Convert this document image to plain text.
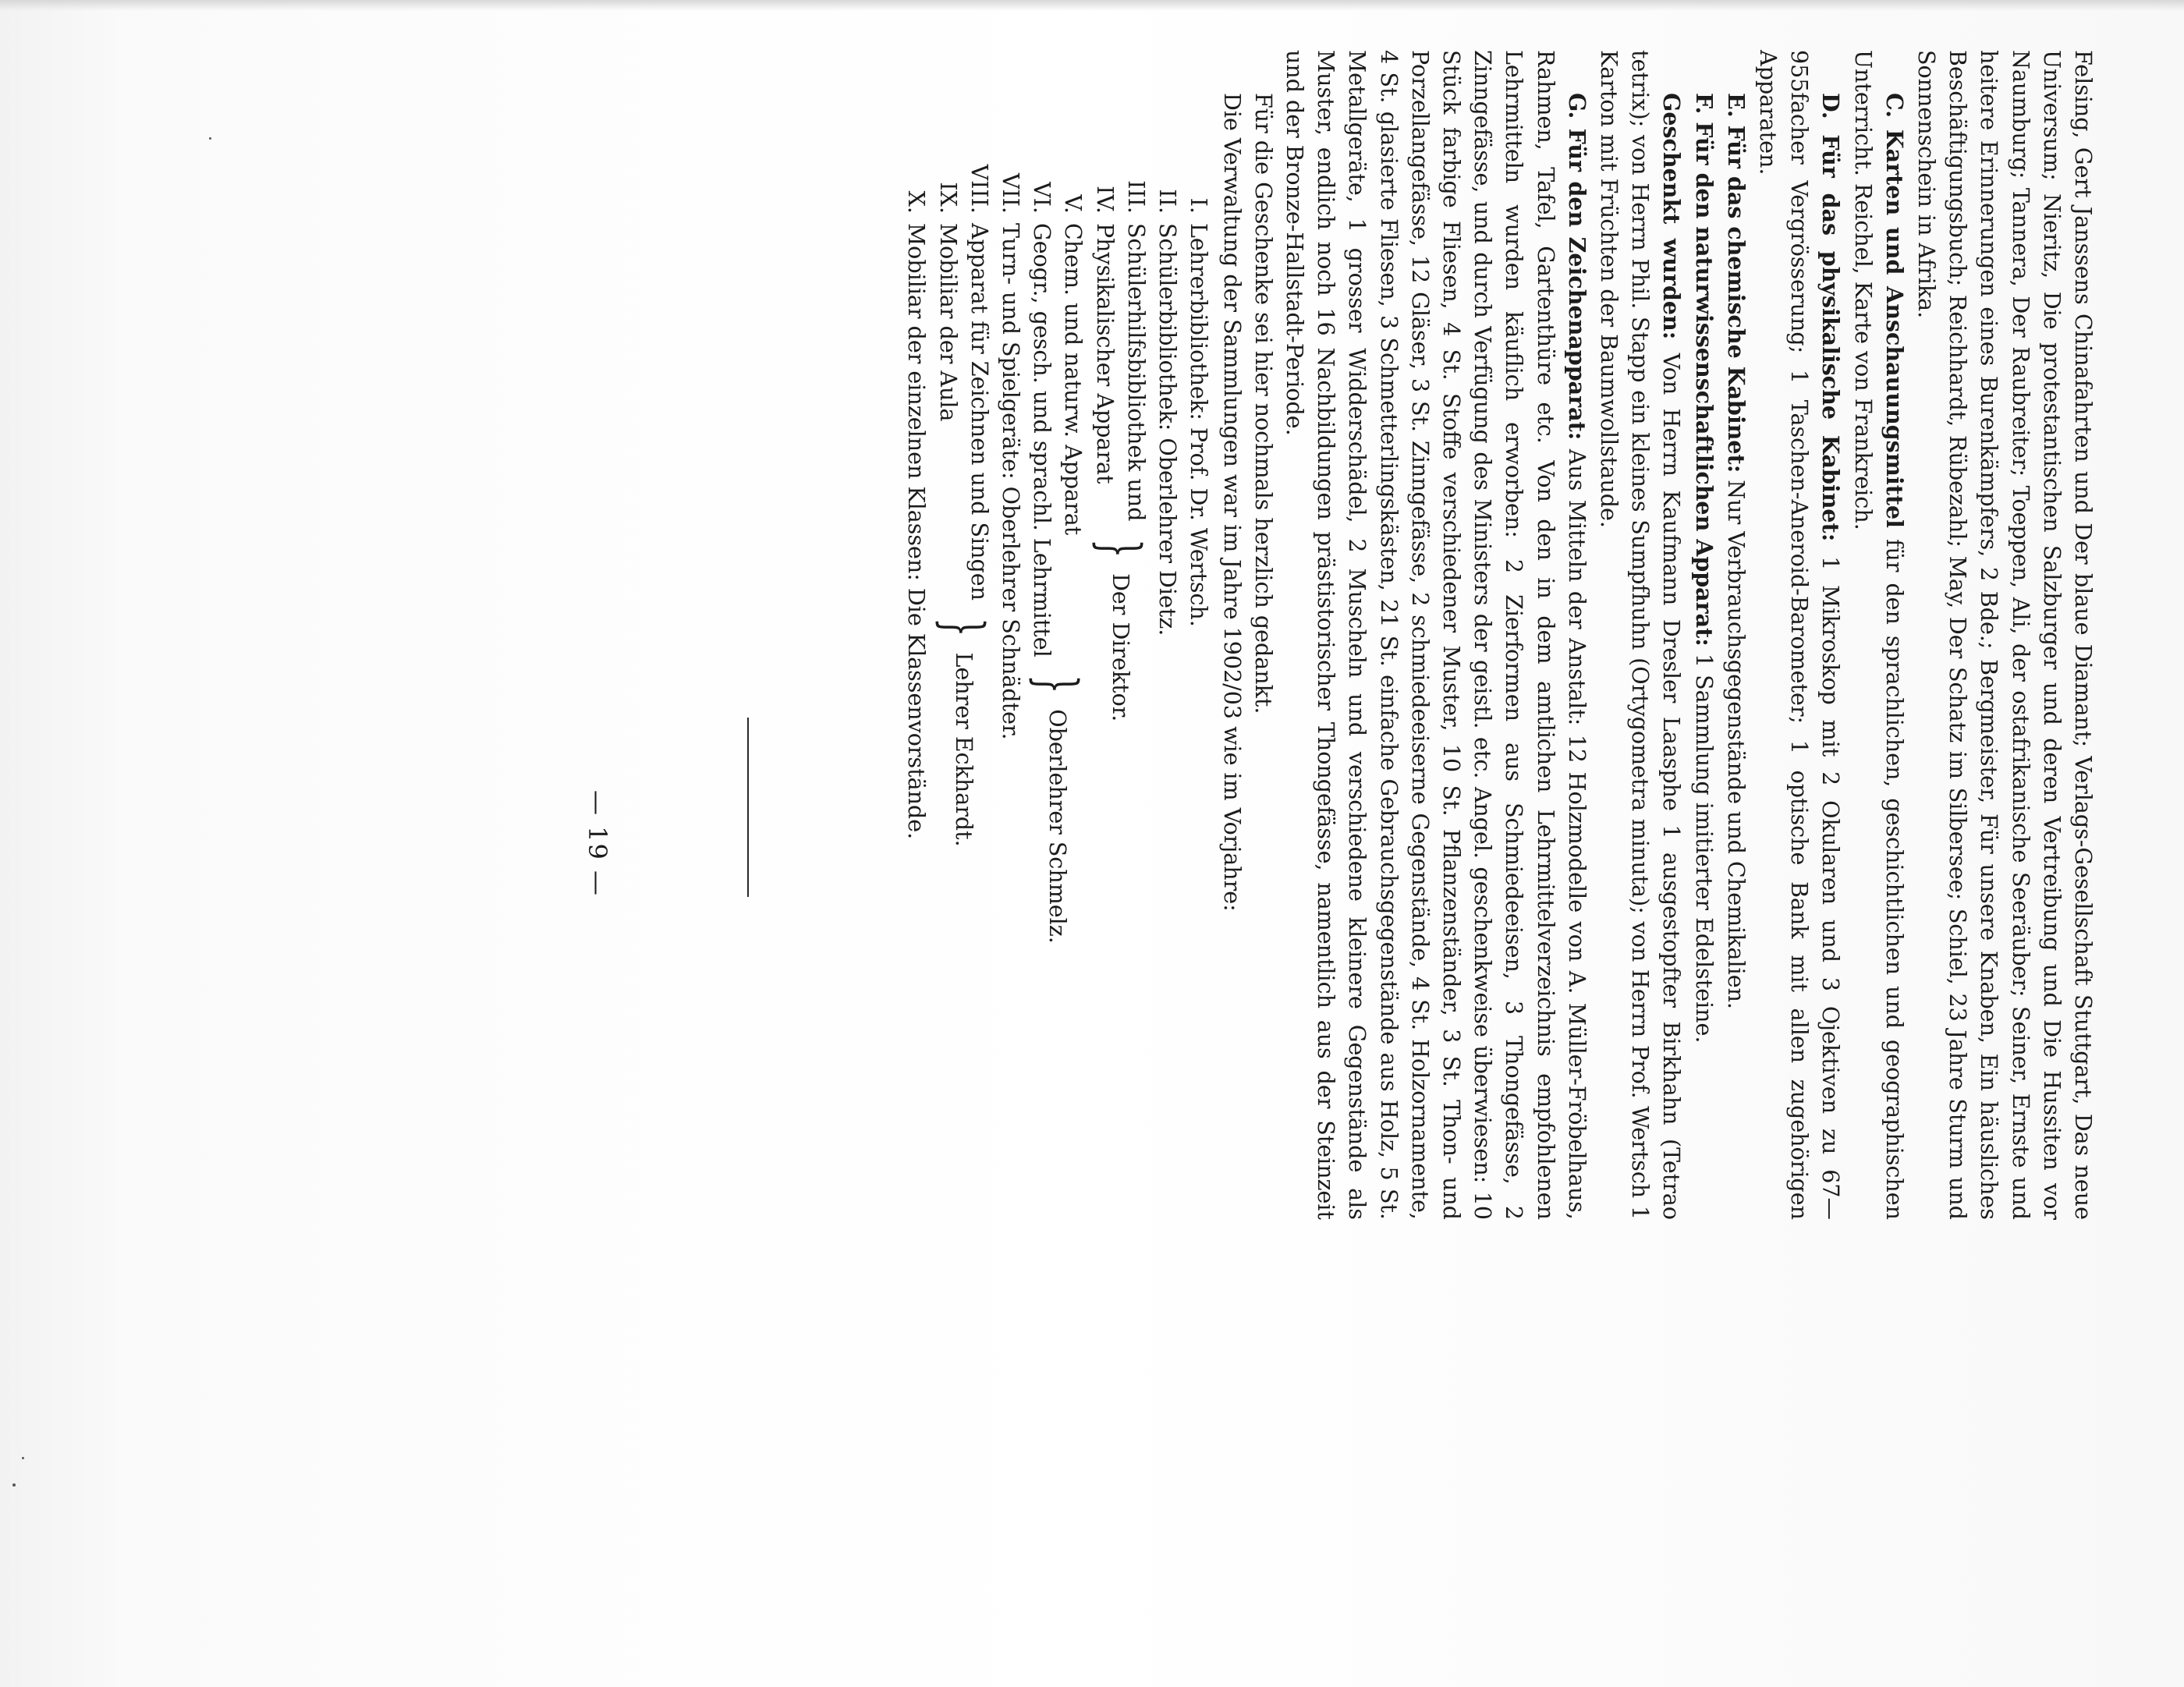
— 19 —	Felsing, Gert Janssens Chinafahrten und Der blaue Diamant; Verlags-Gesellschaft Stuttgart, Das neue Universum; Nieritz, Die protestantischen Salzburger und deren Vertreibung und Die Hussiten vor Naumburg; Tannera, Der Raubreiter; Toeppen, Ali, der ostafrikanische Seeräuber; Seiner, Ernste und heitere Erinnerungen eines Burenkämpfers, 2 Bde.; Bergmeister, Für unsere Knaben, Ein häusliches Beschäftigungsbuch; Reichhardt, Rübezahl; May, Der Schatz im Silbersee; Schiel, 23 Jahre Sturm und Sonnenschein in Afrika.

C. Karten und Anschauungsmittel für den sprachlichen, geschichtlichen und geographischen Unterricht. Reichel, Karte von Frankreich.

D. Für das physikalische Kabinet: 1 Mikroskop mit 2 Okularen und 3 Ojektiven zu 67—955facher Vergrösserung; 1 Taschen-Aneroid-Barometer; 1 optische Bank mit allen zugehörigen Apparaten.

E. Für das chemische Kabinet: Nur Verbrauchsgegenstände und Chemikalien.

F. Für den naturwissenschaftlichen Apparat: 1 Sammlung imitierter Edelsteine.

Geschenkt wurden: Von Herrn Kaufmann Dresler Laasphe 1 ausgestopfter Birkhahn (Tetrao tetrix); von Herrn Phil. Stapp ein kleines Sumpfhuhn (Ortygometra minuta); von Herrn Prof. Wertsch 1 Karton mit Früchten der Baumwollstaude.

G. Für den Zeichenapparat: Aus Mitteln der Anstalt: 12 Holzmodelle von A. Müller-Fröbelhaus, Rahmen, Tafel, Gartenthüre etc. Von den in dem amtlichen Lehrmittelverzeichnis empfohlenen Lehrmitteln wurden käuflich erworben: 2 Zierformen aus Schmiedeeisen, 3 Thongefässe, 2 Zinngefässe, und durch Verfügung des Ministers der geistl. etc. Angel. geschenkweise überwiesen: 10 Stück farbige Fliesen, 4 St. Stoffe verschiedener Muster, 10 St. Pflanzenständer, 3 St. Thon- und Porzellangefässe, 12 Gläser, 3 St. Zinngefässe, 2 schmiedeeiserne Gegenstände, 4 St. Holzornamente, 4 St. glasierte Fliesen, 3 Schmetterlingskästen, 21 St. einfache Gebrauchsgegenstände aus Holz, 5 St. Metallgeräte, 1 grosser Widderschädel, 2 Muscheln und verschiedene kleinere Gegenstände als Muster, endlich noch 16 Nachbildungen prästistorischer Thongefässe, namentlich aus der Steinzeit und der Bronze-Hallstadt-Periode.

Für die Geschenke sei hier nochmals herzlich gedankt.

Die Verwaltung der Sammlungen war im Jahre 1902/03 wie im Vorjahre:

I.Lehrerbibliothek: Prof. Dr. Wertsch.
II.Schülerbibliothek: Oberlehrer Dietz.
III.Schülerhilfsbibliothek und
IV.Physikalischer Apparat
}
Der Direktor.
V.Chem. und naturw. Apparat
VI.Geogr., gesch. und sprachl. Lehrmittel
}
Oberlehrer Schmelz.
VII.Turn- und Spielgeräte: Oberlehrer Schnädter.
VIII.Apparat für Zeichnen und Singen
IX.Mobiliar der Aula
}
Lehrer Eckhardt.
X.Mobiliar der einzelnen Klassen: Die Klassenvorstände.
